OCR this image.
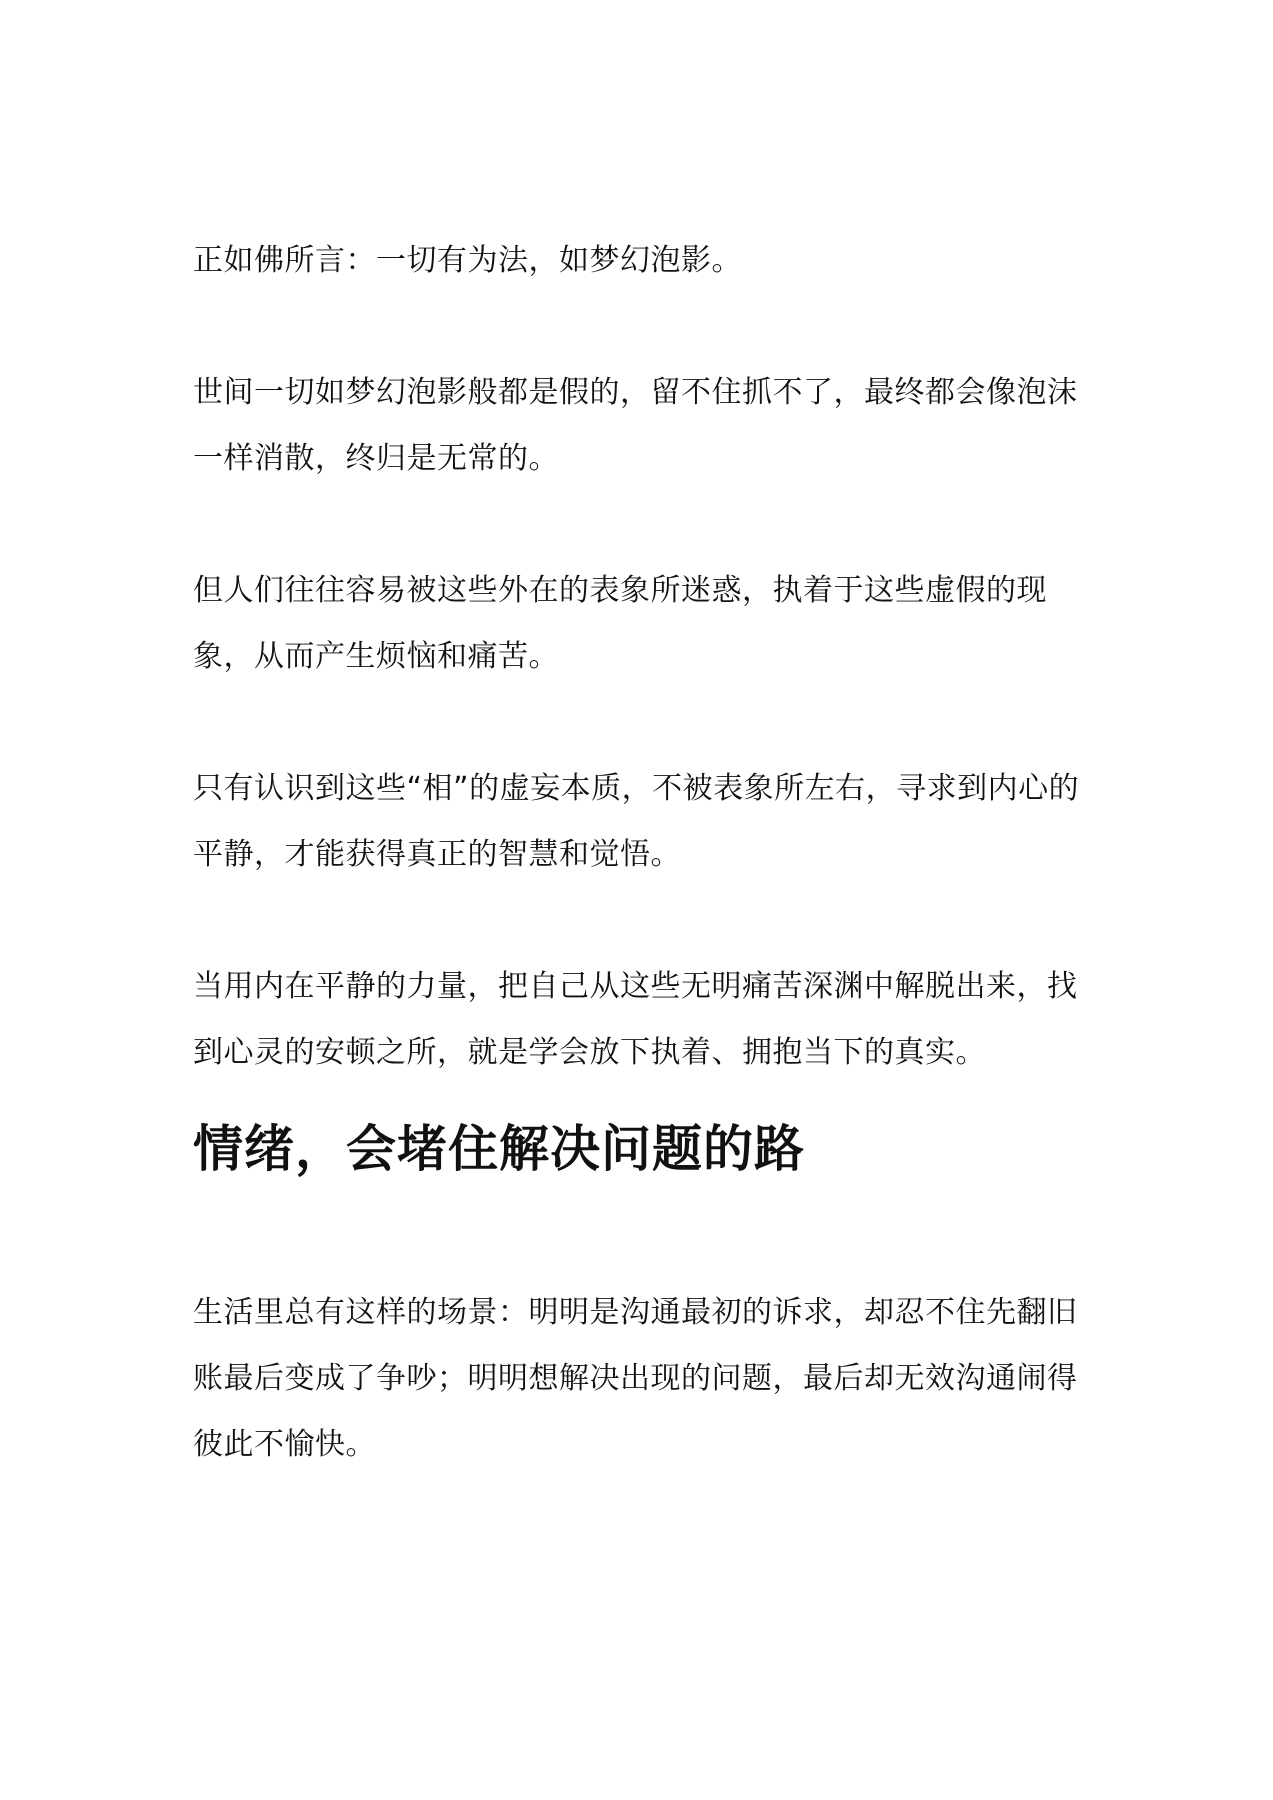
正如佛所言：一切有为法，如梦幻泡影。

世间一切如梦幻泡影般都是假的，留不住抓不了，最终都会像泡沫一样消散，终归是无常的。

但人们往往容易被这些外在的表象所迷惑，执着于这些虚假的现象，从而产生烦恼和痛苦。

只有认识到这些“相”的虚妄本质，不被表象所左右，寻求到内心的平静，才能获得真正的智慧和觉悟。

当用内在平静的力量，把自己从这些无明痛苦深渊中解脱出来，找到心灵的安顿之所，就是学会放下执着、拥抱当下的真实。

情绪，会堵住解决问题的路

生活里总有这样的场景：明明是沟通最初的诉求，却忍不住先翻旧账最后变成了争吵；明明想解决出现的问题，最后却无效沟通闹得彼此不愉快。
